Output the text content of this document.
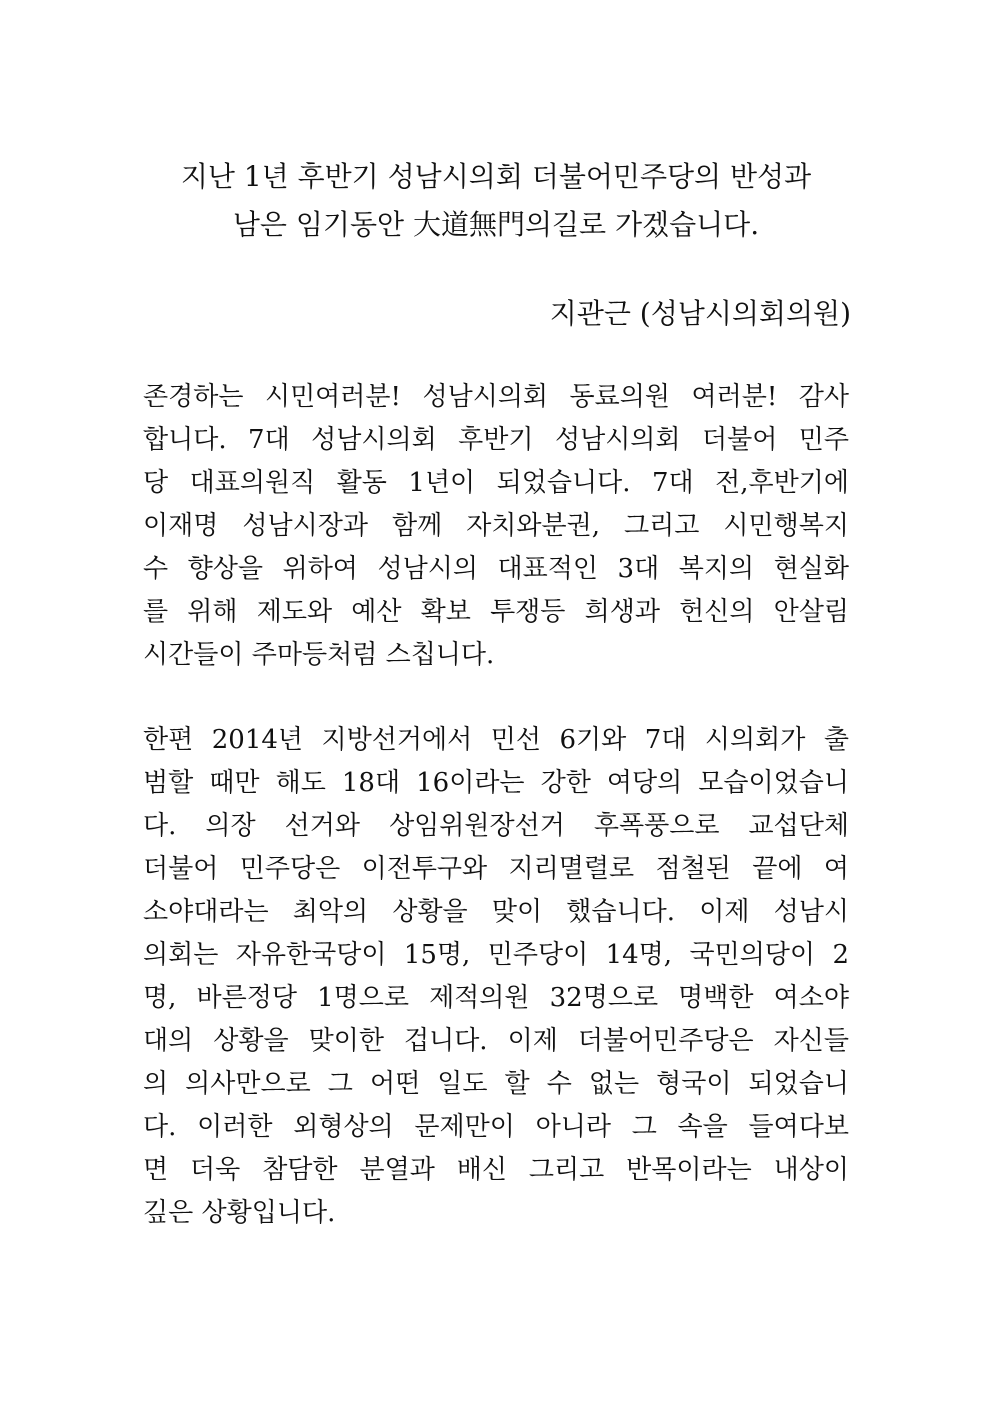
지난 1년 후반기 성남시의회 더불어민주당의 반성과
남은 임기동안 大道無門의길로 가겠습니다.
지관근 (성남시의회의원)
존경하는 시민여러분! 성남시의회 동료의원 여러분! 감사
합니다. 7대 성남시의회 후반기 성남시의회 더불어 민주
당 대표의원직 활동 1년이 되었습니다. 7대 전,후반기에
이재명 성남시장과 함께 자치와분권, 그리고 시민행복지
수 향상을 위하여 성남시의 대표적인 3대 복지의 현실화
를 위해 제도와 예산 확보 투쟁등 희생과 헌신의 안살림
시간들이 주마등처럼 스칩니다.
한편 2014년 지방선거에서 민선 6기와 7대 시의회가 출
범할 때만 해도 18대 16이라는 강한 여당의 모습이었습니
다. 의장 선거와 상임위원장선거 후폭풍으로 교섭단체
더불어 민주당은 이전투구와 지리멸렬로 점철된 끝에 여
소야대라는 최악의 상황을 맞이 했습니다. 이제 성남시
의회는 자유한국당이 15명, 민주당이 14명, 국민의당이 2
명, 바른정당 1명으로 제적의원 32명으로 명백한 여소야
대의 상황을 맞이한 겁니다. 이제 더불어민주당은 자신들
의 의사만으로 그 어떤 일도 할 수 없는 형국이 되었습니
다. 이러한 외형상의 문제만이 아니라 그 속을 들여다보
면 더욱 참담한 분열과 배신 그리고 반목이라는 내상이
깊은 상황입니다.
